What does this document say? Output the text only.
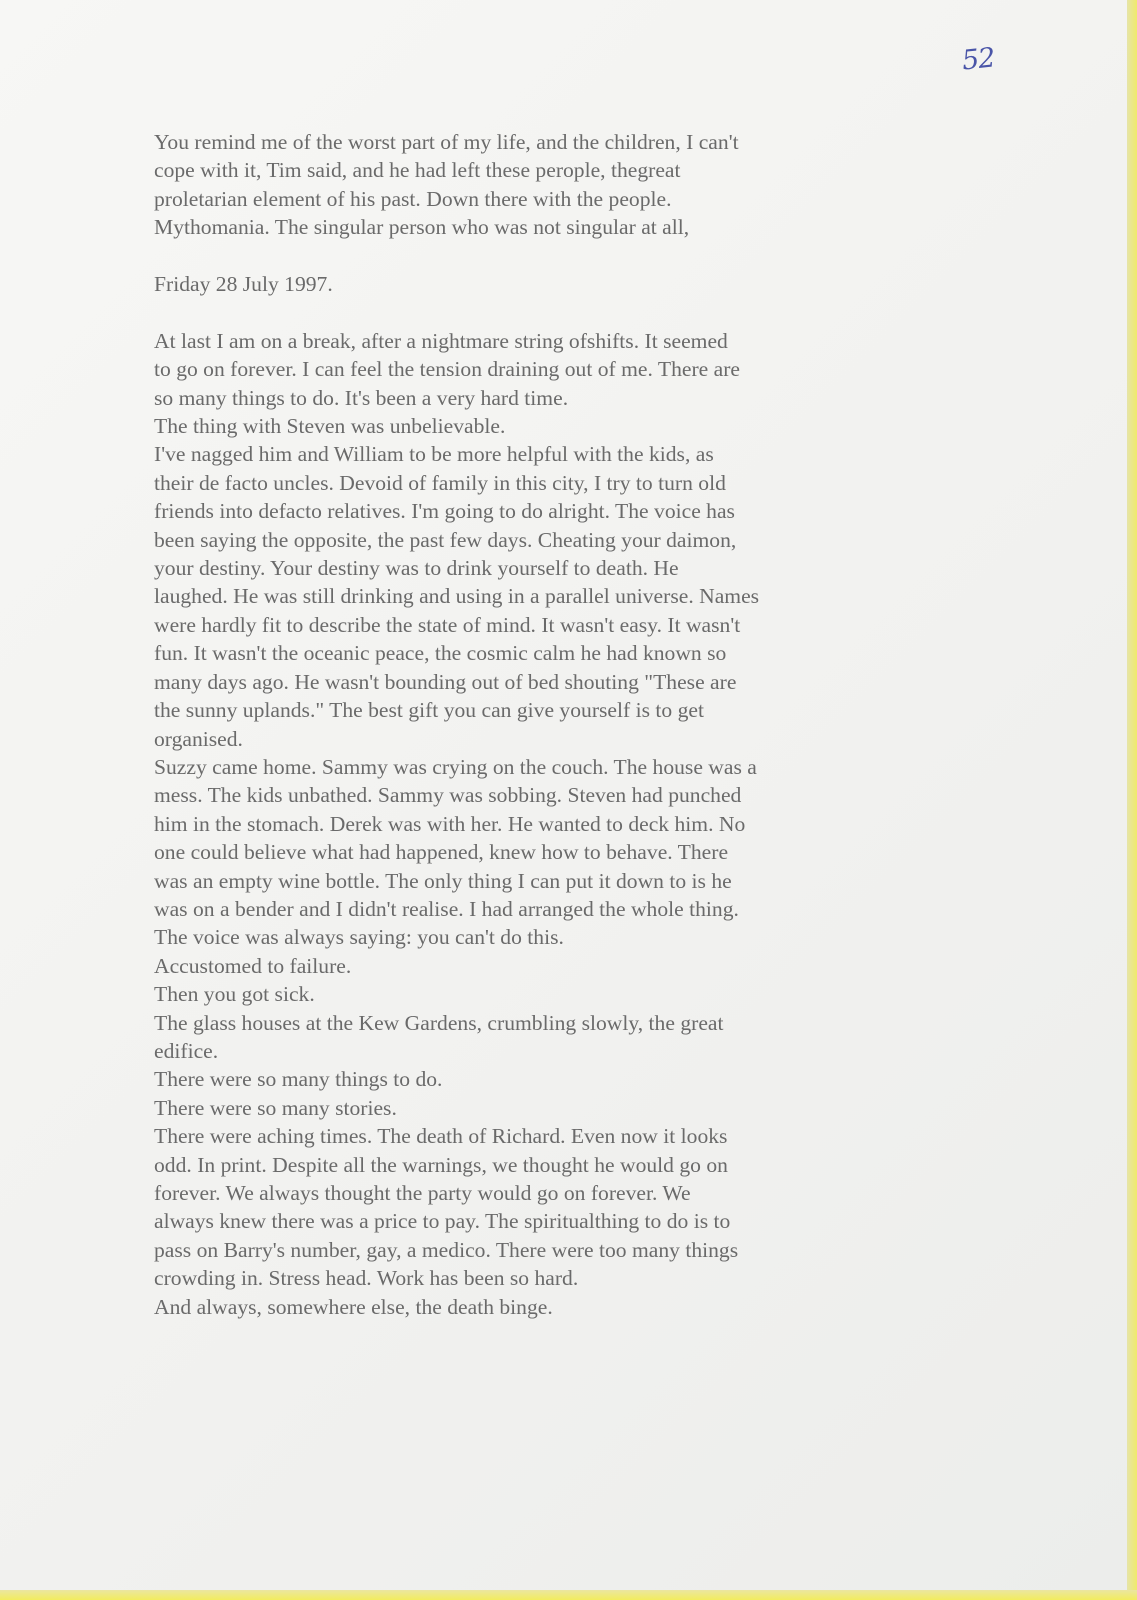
52

You remind me of the worst part of my life, and the children, I can't

cope with it, Tim said, and he had left these perople, thegreat

proletarian element of his past. Down there with the people.

Mythomania. The singular person who was not singular at all,

Friday 28 July 1997.

At last I am on a break, after a nightmare string ofshifts. It seemed

to go on forever. I can feel the tension draining out of me. There are

so many things to do. It's been a very hard time.

The thing with Steven was unbelievable.

I've nagged him and William to be more helpful with the kids, as

their de facto uncles. Devoid of family in this city, I try to turn old

friends into defacto relatives. I'm going to do alright. The voice has

been saying the opposite, the past few days. Cheating your daimon,

your destiny. Your destiny was to drink yourself to death. He

laughed. He was still drinking and using in a parallel universe. Names

were hardly fit to describe the state of mind. It wasn't easy. It wasn't

fun. It wasn't the oceanic peace, the cosmic calm he had known so

many days ago. He wasn't bounding out of bed shouting "These are

the sunny uplands." The best gift you can give yourself is to get

organised.

Suzzy came home. Sammy was crying on the couch. The house was a

mess. The kids unbathed. Sammy was sobbing. Steven had punched

him in the stomach. Derek was with her. He wanted to deck him. No

one could believe what had happened, knew how to behave. There

was an empty wine bottle. The only thing I can put it down to is he

was on a bender and I didn't realise. I had arranged the whole thing.

The voice was always saying: you can't do this.

Accustomed to failure.

Then you got sick.

The glass houses at the Kew Gardens, crumbling slowly, the great

edifice.

There were so many things to do.

There were so many stories.

There were aching times. The death of Richard. Even now it looks

odd. In print. Despite all the warnings, we thought he would go on

forever. We always thought the party would go on forever. We

always knew there was a price to pay. The spiritualthing to do is to

pass on Barry's number, gay, a medico. There were too many things

crowding in. Stress head. Work has been so hard.

And always, somewhere else, the death binge.
